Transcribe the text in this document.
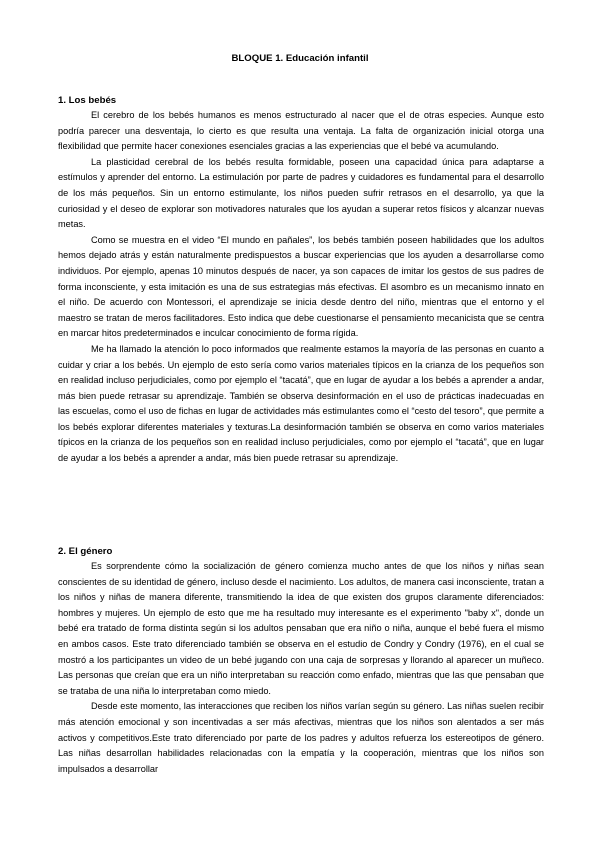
BLOQUE 1. Educación infantil
1. Los bebés

El cerebro de los bebés humanos es menos estructurado al nacer que el de otras especies. Aunque esto podría parecer una desventaja, lo cierto es que resulta una ventaja. La falta de organización inicial otorga una flexibilidad que permite hacer conexiones esenciales gracias a las experiencias que el bebé va acumulando.

La plasticidad cerebral de los bebés resulta formidable, poseen una capacidad única para adaptarse a estímulos y aprender del entorno. La estimulación por parte de padres y cuidadores es fundamental para el desarrollo de los más pequeños. Sin un entorno estimulante, los niños pueden sufrir retrasos en el desarrollo, ya que la curiosidad y el deseo de explorar son motivadores naturales que los ayudan a superar retos físicos y alcanzar nuevas metas.

Como se muestra en el video “El mundo en pañales”, los bebés también poseen habilidades que los adultos hemos dejado atrás y están naturalmente predispuestos a buscar experiencias que los ayuden a desarrollarse como individuos. Por ejemplo, apenas 10 minutos después de nacer, ya son capaces de imitar los gestos de sus padres de forma inconsciente, y esta imitación es una de sus estrategias más efectivas. El asombro es un mecanismo innato en el niño. De acuerdo con Montessori, el aprendizaje se inicia desde dentro del niño, mientras que el entorno y el maestro se tratan de meros facilitadores. Esto indica que debe cuestionarse el pensamiento mecanicista que se centra en marcar hitos predeterminados e inculcar conocimiento de forma rígida.

Me ha llamado la atención lo poco informados que realmente estamos la mayoría de las personas en cuanto a cuidar y criar a los bebés. Un ejemplo de esto sería como varios materiales típicos en la crianza de los pequeños son en realidad incluso perjudiciales, como por ejemplo el “tacatá”, que en lugar de ayudar a los bebés a aprender a andar, más bien puede retrasar su aprendizaje. También se observa desinformación en el uso de prácticas inadecuadas en las escuelas, como el uso de fichas en lugar de actividades más estimulantes como el “cesto del tesoro”, que permite a los bebés explorar diferentes materiales y texturas.La desinformación también se observa en como varios materiales típicos en la crianza de los pequeños son en realidad incluso perjudiciales, como por ejemplo el “tacatá”, que en lugar de ayudar a los bebés a aprender a andar, más bien puede retrasar su aprendizaje.

2. El género

Es sorprendente cómo la socialización de género comienza mucho antes de que los niños y niñas sean conscientes de su identidad de género, incluso desde el nacimiento. Los adultos, de manera casi inconsciente, tratan a los niños y niñas de manera diferente, transmitiendo la idea de que existen dos grupos claramente diferenciados: hombres y mujeres. Un ejemplo de esto que me ha resultado muy interesante es el experimento "baby x", donde un bebé era tratado de forma distinta según si los adultos pensaban que era niño o niña, aunque el bebé fuera el mismo en ambos casos. Este trato diferenciado también se observa en el estudio de Condry y Condry (1976), en el cual se mostró a los participantes un video de un bebé jugando con una caja de sorpresas y llorando al aparecer un muñeco. Las personas que creían que era un niño interpretaban su reacción como enfado, mientras que las que pensaban que se trataba de una niña lo interpretaban como miedo.

Desde este momento, las interacciones que reciben los niños varían según su género. Las niñas suelen recibir más atención emocional y son incentivadas a ser más afectivas, mientras que los niños son alentados a ser más activos y competitivos.Este trato diferenciado por parte de los padres y adultos refuerza los estereotipos de género. Las niñas desarrollan habilidades relacionadas con la empatía y la cooperación, mientras que los niños son impulsados a desarrollar
